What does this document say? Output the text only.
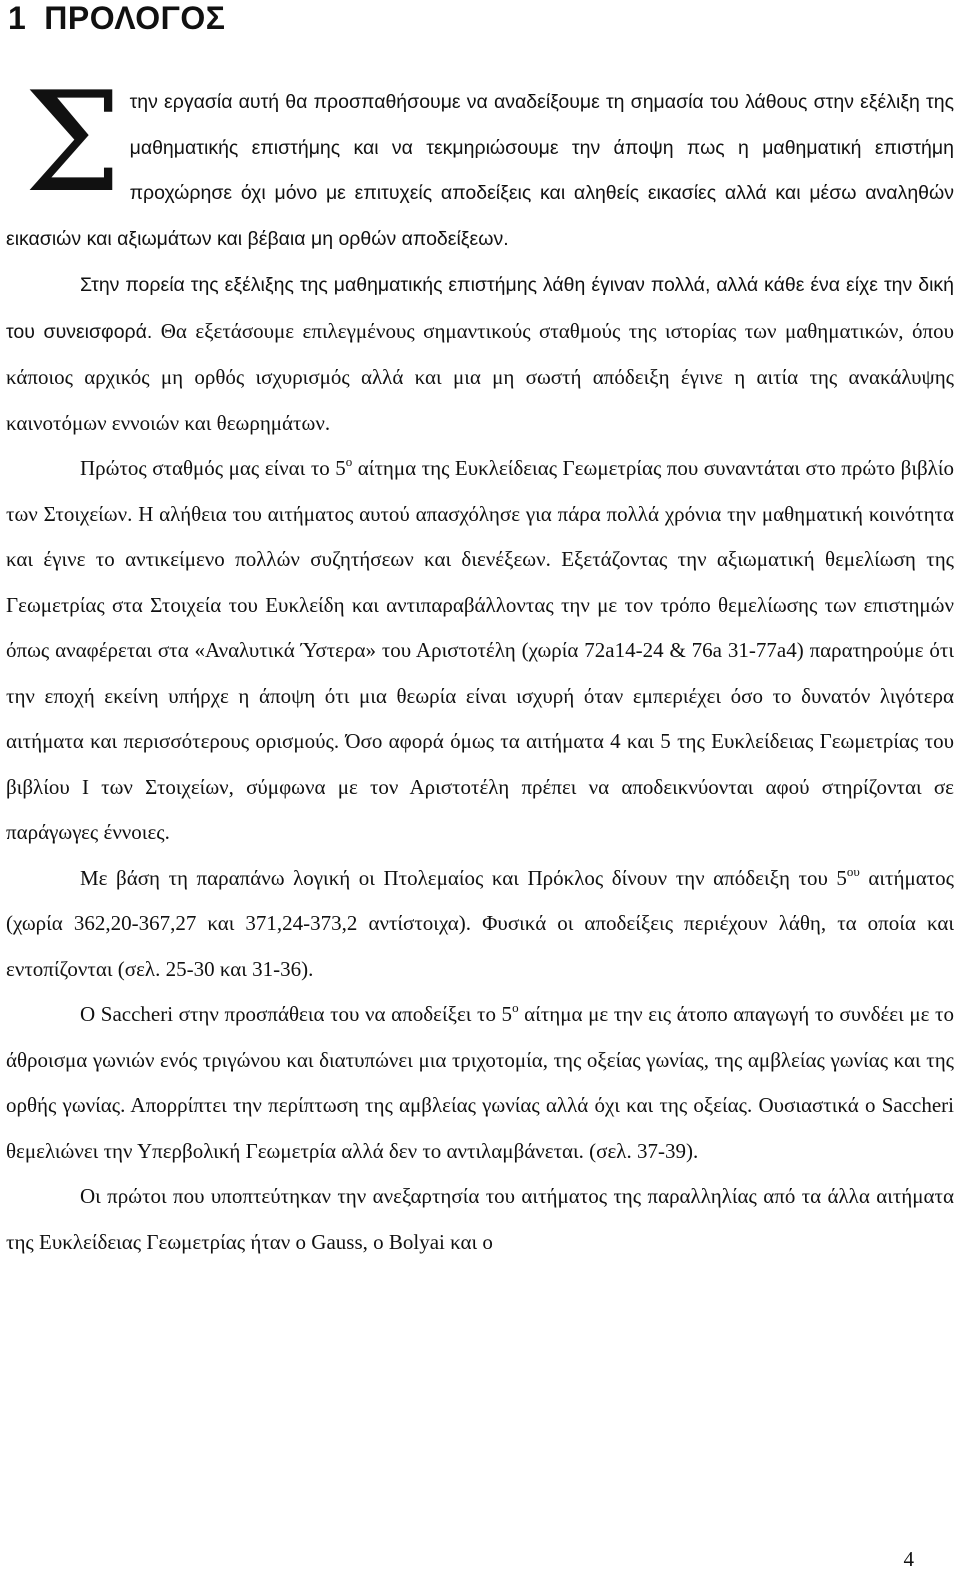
1 ΠΡΟΛΟΓΟΣ

Στην εργασία αυτή θα προσπαθήσουμε να αναδείξουμε τη σημασία του λάθους στην εξέλιξη της μαθηματικής επιστήμης και να τεκμηριώσουμε την άποψη πως η μαθηματική επιστήμη προχώρησε όχι μόνο με επιτυχείς αποδείξεις και αληθείς εικασίες αλλά και μέσω αναληθών εικασιών και αξιωμάτων και βέβαια μη ορθών αποδείξεων.

Στην πορεία της εξέλιξης της μαθηματικής επιστήμης λάθη έγιναν πολλά, αλλά κάθε ένα είχε την δική του συνεισφορά. Θα εξετάσουμε επιλεγμένους σημαντικούς σταθμούς της ιστορίας των μαθηματικών, όπου κάποιος αρχικός μη ορθός ισχυρισμός αλλά και μια μη σωστή απόδειξη έγινε η αιτία της ανακάλυψης καινοτόμων εννοιών και θεωρημάτων.

Πρώτος σταθμός μας είναι το $5^o$ αίτημα της Ευκλείδειας Γεωμετρίας που συναντάται στο πρώτο βιβλίο των Στοιχείων. Η αλήθεια του αιτήματος αυτού απασχόλησε για πάρα πολλά χρόνια την μαθηματική κοινότητα και έγινε το αντικείμενο πολλών συζητήσεων και διενέξεων. Εξετάζοντας την αξιωματική θεμελίωση της Γεωμετρίας στα Στοιχεία του Ευκλείδη και αντιπαραβάλλοντας την με τον τρόπο θεμελίωσης των επιστημών όπως αναφέρεται στα «Αναλυτικά Ύστερα» του Αριστοτέλη (χωρία 72a14-24 & 76a 31-77a4) παρατηρούμε ότι την εποχή εκείνη υπήρχε η άποψη ότι μια θεωρία είναι ισχυρή όταν εμπεριέχει όσο το δυνατόν λιγότερα αιτήματα και περισσότερους ορισμούς. Όσο αφορά όμως τα αιτήματα 4 και 5 της Ευκλείδειας Γεωμετρίας του βιβλίου Ι των Στοιχείων, σύμφωνα με τον Αριστοτέλη πρέπει να αποδεικνύονται αφού στηρίζονται σε παράγωγες έννοιες.

Με βάση τη παραπάνω λογική οι Πτολεμαίος και Πρόκλος δίνουν την απόδειξη του $5^{o\upsilon}$ αιτήματος (χωρία 362,20-367,27 και 371,24-373,2 αντίστοιχα). Φυσικά οι αποδείξεις περιέχουν λάθη, τα οποία και εντοπίζονται (σελ. 25-30 και 31-36).

Ο Saccheri στην προσπάθεια του να αποδείξει το $5^o$ αίτημα με την εις άτοπο απαγωγή το συνδέει με το άθροισμα γωνιών ενός τριγώνου και διατυπώνει μια τριχοτομία, της οξείας γωνίας, της αμβλείας γωνίας και της ορθής γωνίας. Απορρίπτει την περίπτωση της αμβλείας γωνίας αλλά όχι και της οξείας. Ουσιαστικά ο Saccheri θεμελιώνει την Υπερβολική Γεωμετρία αλλά δεν το αντιλαμβάνεται. (σελ. 37-39).

Οι πρώτοι που υποπτεύτηκαν την ανεξαρτησία του αιτήματος της παραλληλίας από τα άλλα αιτήματα της Ευκλείδειας Γεωμετρίας ήταν ο Gauss, ο Bolyai και ο

4
